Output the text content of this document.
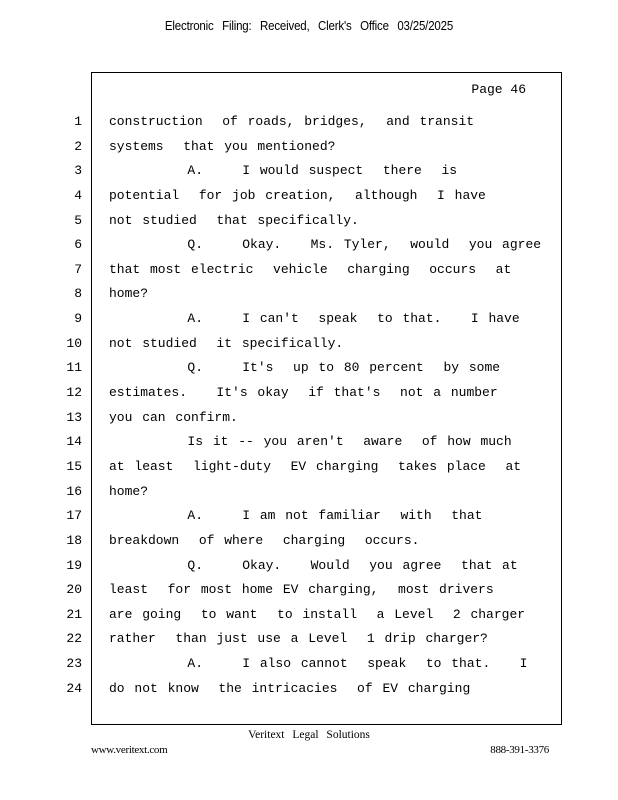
Electronic Filing: Received, Clerk's Office 03/25/2025
Page 46
1
2
3
4
5
6
7
8
9
10
11
12
13
14
15
16
17
18
19
20
21
22
23
24
construction  of roads, bridges,  and transit
systems  that you mentioned?
A.    I would suspect  there  is
potential  for job creation,  although  I have
not studied  that specifically.
Q.    Okay.   Ms. Tyler,  would  you agree
that most electric  vehicle  charging  occurs  at
home?
A.    I can't  speak  to that.   I have
not studied  it specifically.
Q.    It's  up to 80 percent  by some
estimates.   It's okay  if that's  not a number
you can confirm.
Is it -- you aren't  aware  of how much
at least  light-duty  EV charging  takes place  at
home?
A.    I am not familiar  with  that
breakdown  of where  charging  occurs.
Q.    Okay.   Would  you agree  that at
least  for most home EV charging,  most drivers
are going  to want  to install  a Level  2 charger
rather  than just use a Level  1 drip charger?
A.    I also cannot  speak  to that.   I
do not know  the intricacies  of EV charging
Veritext Legal Solutions
www.veritext.com	888-391-3376
